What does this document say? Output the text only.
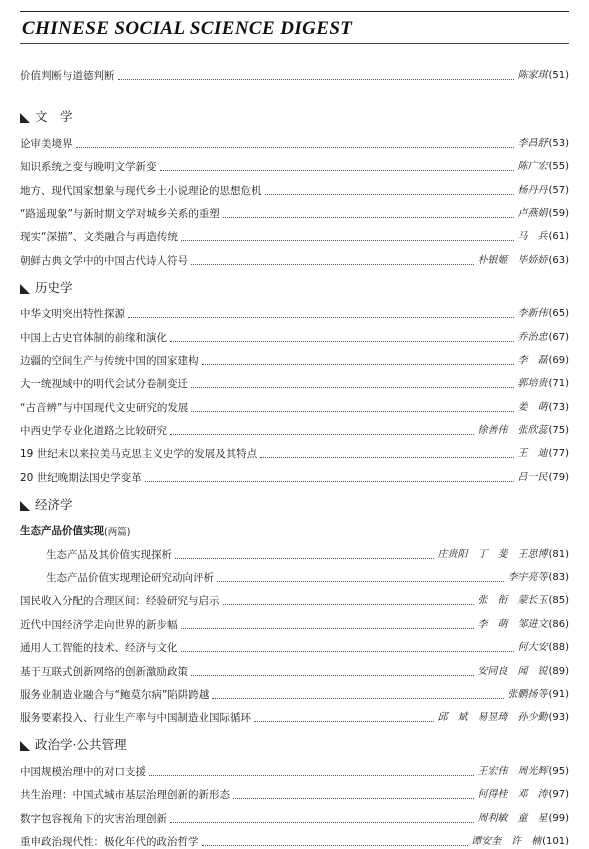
CHINESE SOCIAL SCIENCE DIGEST
价值判断与道德判断	陈家琪 (51)
文　学
论审美境界	李昌舒 (53)
知识系统之变与晚明文学新变	陈广宏 (55)
地方、现代国家想象与现代乡土小说理论的思想危机	杨丹丹 (57)
“路遥现象”与新时期文学对城乡关系的重塑	卢燕娟 (59)
现实“深描”、文类融合与再造传统	马　兵 (61)
朝鲜古典文学中的中国古代诗人符号	朴银姬　毕娇娇 (63)
历史学
中华文明突出特性探源	李新伟 (65)
中国上古史官体制的前缘和演化	乔治忠 (67)
边疆的空间生产与传统中国的国家建构	李　磊 (69)
大一统视域中的明代会试分卷制变迁	郭培贵 (71)
“古音辨”与中国现代文史研究的发展	姜　萌 (73)
中西史学专业化道路之比较研究	徐善伟　张欣蕊 (75)
19 世纪末以来拉美马克思主义史学的发展及其特点	王　迪 (77)
20 世纪晚期法国史学变革	吕一民 (79)
经济学
生态产品价值实现 (两篇)
生态产品及其价值实现探析	庄贵阳　丁　斐　王思博 (81)
生态产品价值实现理论研究动向评析	李宇亮等 (83)
国民收入分配的合理区间：经验研究与启示	张　衔　蒙长玉 (85)
近代中国经济学走向世界的新步幅	李　萌　邹进文 (86)
通用人工智能的技术、经济与文化	何大安 (88)
基于互联式创新网络的创新激励政策	安同良　闻　锐 (89)
服务业制造业融合与“鲍莫尔病”陷阱跨越	张鹏扬等 (91)
服务要素投入、行业生产率与中国制造业国际循环	邱　斌　易昱琦　孙少勤 (93)
政治学·公共管理
中国规模治理中的对口支援	王宏伟　周光辉 (95)
共生治理：中国式城市基层治理创新的新形态	何得桂　邓　涛 (97)
数字包容视角下的灾害治理创新	周利敏　童　星 (99)
重申政治现代性：极化年代的政治哲学	谭安奎　许　楠 (101)
